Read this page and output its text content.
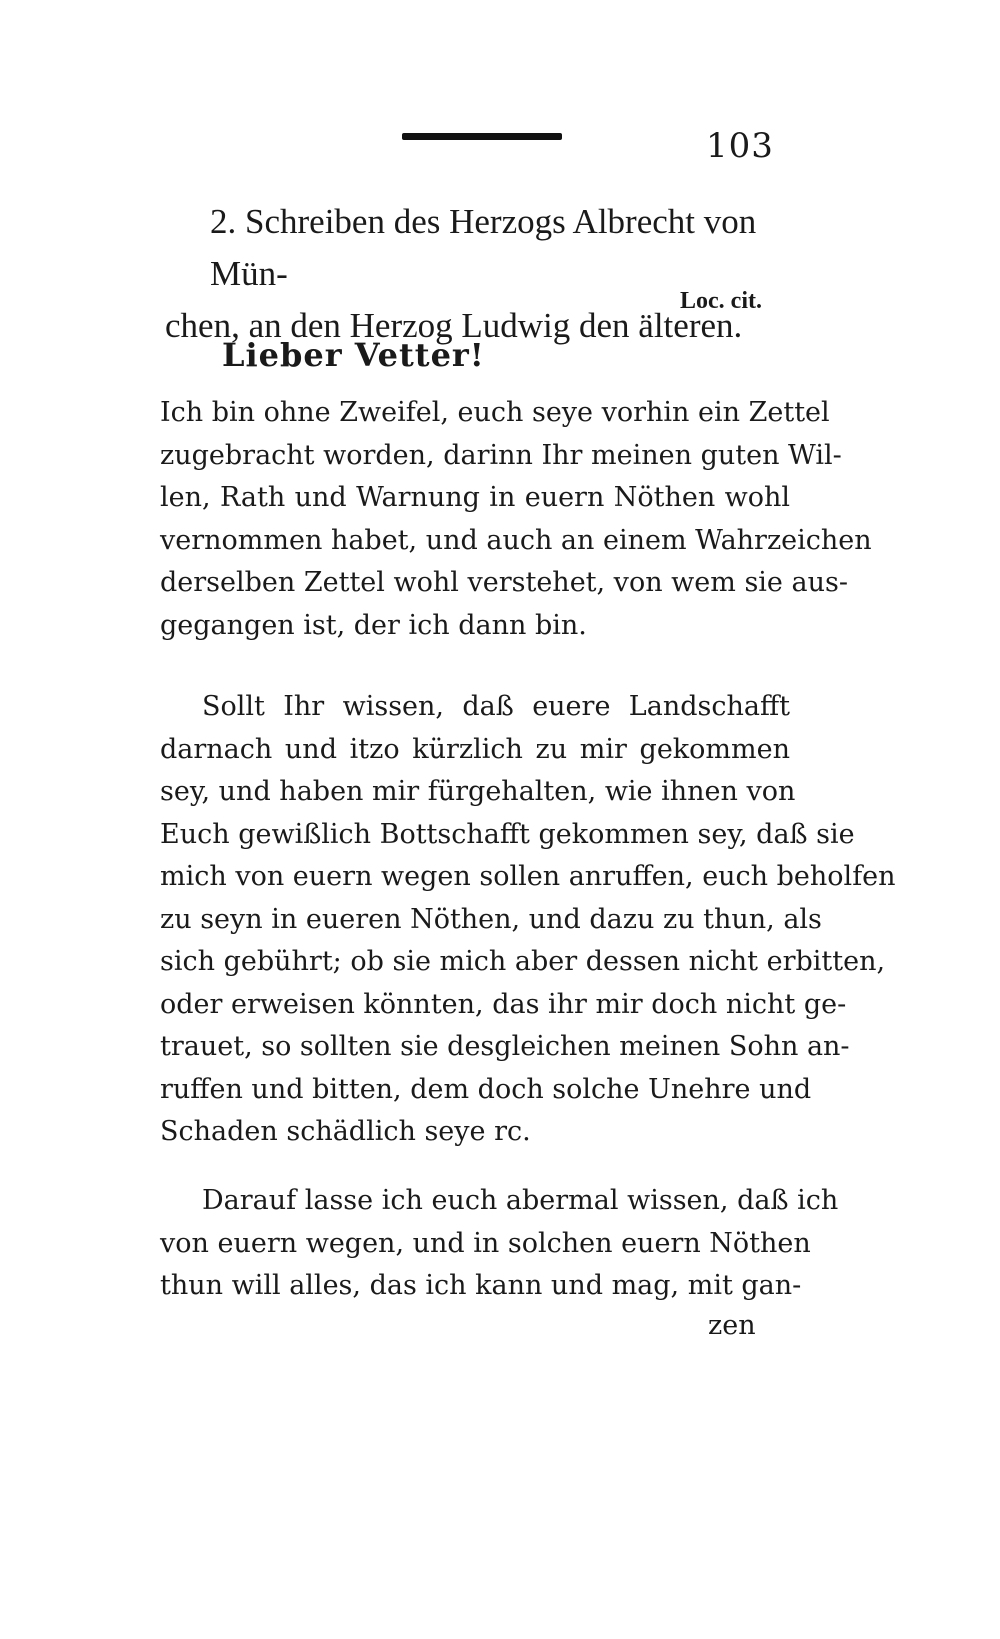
103
2. Schreiben des Herzogs Albrecht von Mün-
chen, an den Herzog Ludwig den älteren.
Loc. cit.
Lieber Vetter!
Ich bin ohne Zweifel, euch seye vorhin ein Zettel
zugebracht worden, darinn Ihr meinen guten Wil-
len, Rath und Warnung in euern Nöthen wohl
vernommen habet, und auch an einem Wahrzeichen
derselben Zettel wohl verstehet, von wem sie aus-
gegangen ist, der ich dann bin.
Sollt Ihr wissen, daß euere Landschafft
darnach und itzo kürzlich zu mir gekommen
sey, und haben mir fürgehalten, wie ihnen von
Euch gewißlich Bottschafft gekommen sey, daß sie
mich von euern wegen sollen anruffen, euch beholfen
zu seyn in eueren Nöthen, und dazu zu thun, als
sich gebührt; ob sie mich aber dessen nicht erbitten,
oder erweisen könnten, das ihr mir doch nicht ge-
trauet, so sollten sie desgleichen meinen Sohn an-
ruffen und bitten, dem doch solche Unehre und
Schaden schädlich seye rc.
Darauf lasse ich euch abermal wissen, daß ich
von euern wegen, und in solchen euern Nöthen
thun will alles, das ich kann und mag, mit gan-
zen
